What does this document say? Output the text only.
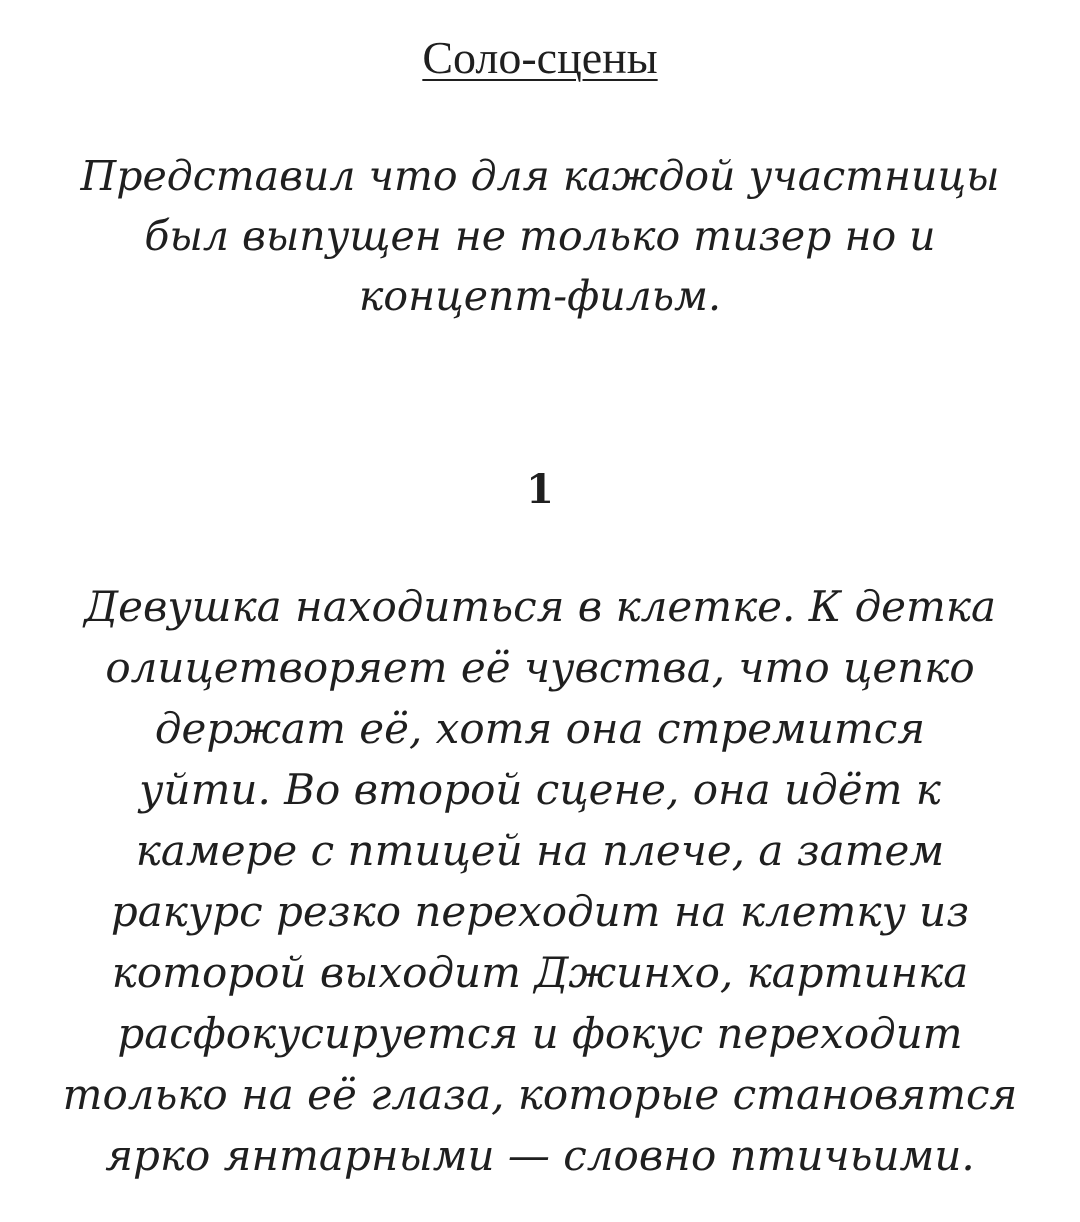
Соло-сцены

Представил что для каждой участницы
был выпущен не только тизер но и
концепт-фильм.

1

Девушка находиться в клетке. К детка
олицетворяет её чувства, что цепко
держат её, хотя она стремится
уйти. Во второй сцене, она идёт к
камере с птицей на плече, а затем
ракурс резко переходит на клетку из
которой выходит Джинхо, картинка
расфокусируется и фокус переходит
только на её глаза, которые становятся
ярко янтарными — словно птичьими.
